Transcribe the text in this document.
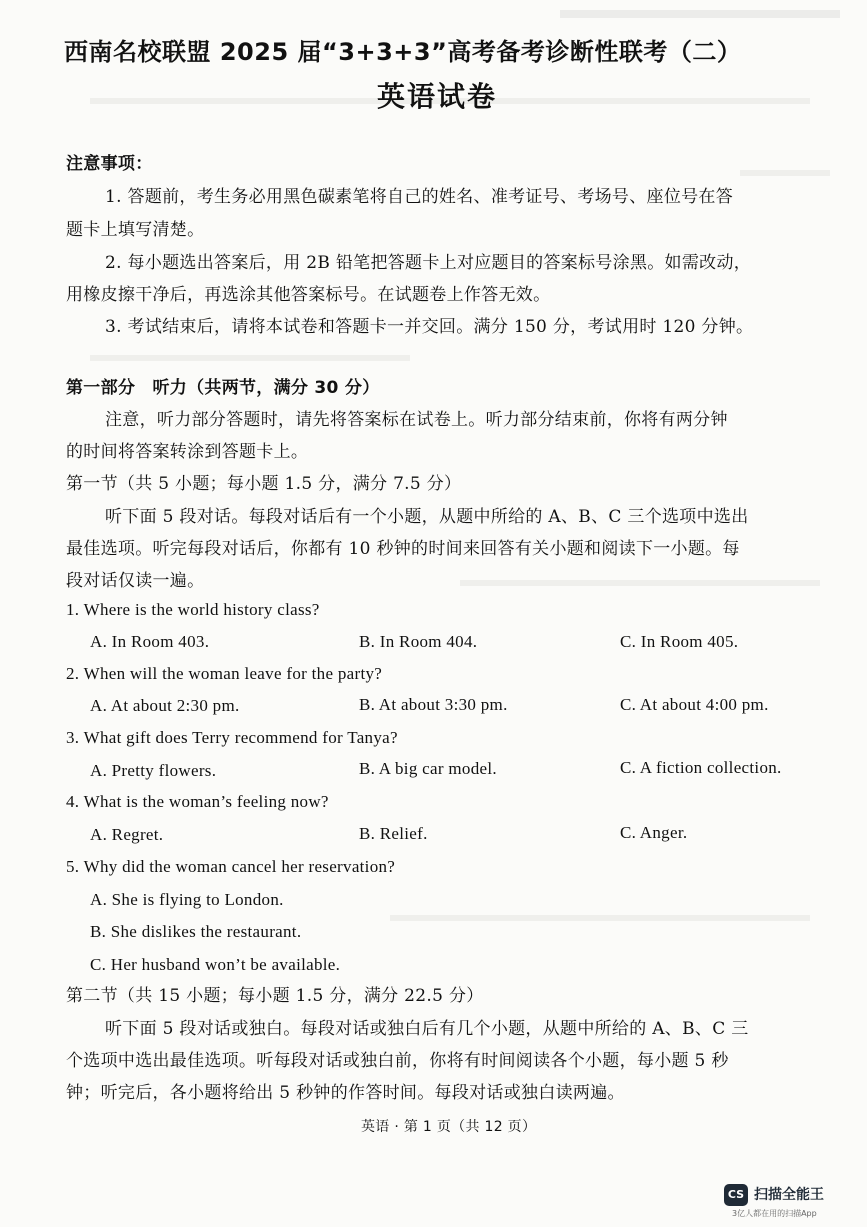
西南名校联盟 2025 届“3+3+3”高考备考诊断性联考（二）
英语试卷
注意事项：
1. 答题前，考生务必用黑色碳素笔将自己的姓名、准考证号、考场号、座位号在答
题卡上填写清楚。
2. 每小题选出答案后，用 2B 铅笔把答题卡上对应题目的答案标号涂黑。如需改动，
用橡皮擦干净后，再选涂其他答案标号。在试题卷上作答无效。
3. 考试结束后，请将本试卷和答题卡一并交回。满分 150 分，考试用时 120 分钟。
第一部分　听力（共两节，满分 30 分）
注意，听力部分答题时，请先将答案标在试卷上。听力部分结束前，你将有两分钟
的时间将答案转涂到答题卡上。
第一节（共 5 小题；每小题 1.5 分，满分 7.5 分）
听下面 5 段对话。每段对话后有一个小题，从题中所给的 A、B、C 三个选项中选出
最佳选项。听完每段对话后，你都有 10 秒钟的时间来回答有关小题和阅读下一小题。每
段对话仅读一遍。
1. Where is the world history class?
A. In Room 403.	B. In Room 404.	C. In Room 405.
2. When will the woman leave for the party?
A. At about 2:30 pm.	B. At about 3:30 pm.	C. At about 4:00 pm.
3. What gift does Terry recommend for Tanya?
A. Pretty flowers.	B. A big car model.	C. A fiction collection.
4. What is the woman’s feeling now?
A. Regret.	B. Relief.	C. Anger.
5. Why did the woman cancel her reservation?
A. She is flying to London.
B. She dislikes the restaurant.
C. Her husband won’t be available.
第二节（共 15 小题；每小题 1.5 分，满分 22.5 分）
听下面 5 段对话或独白。每段对话或独白后有几个小题，从题中所给的 A、B、C 三
个选项中选出最佳选项。听每段对话或独白前，你将有时间阅读各个小题，每小题 5 秒
钟；听完后，各小题将给出 5 秒钟的作答时间。每段对话或独白读两遍。
英语 · 第 1 页（共 12 页）
CS 扫描全能王
3亿人都在用的扫描App
